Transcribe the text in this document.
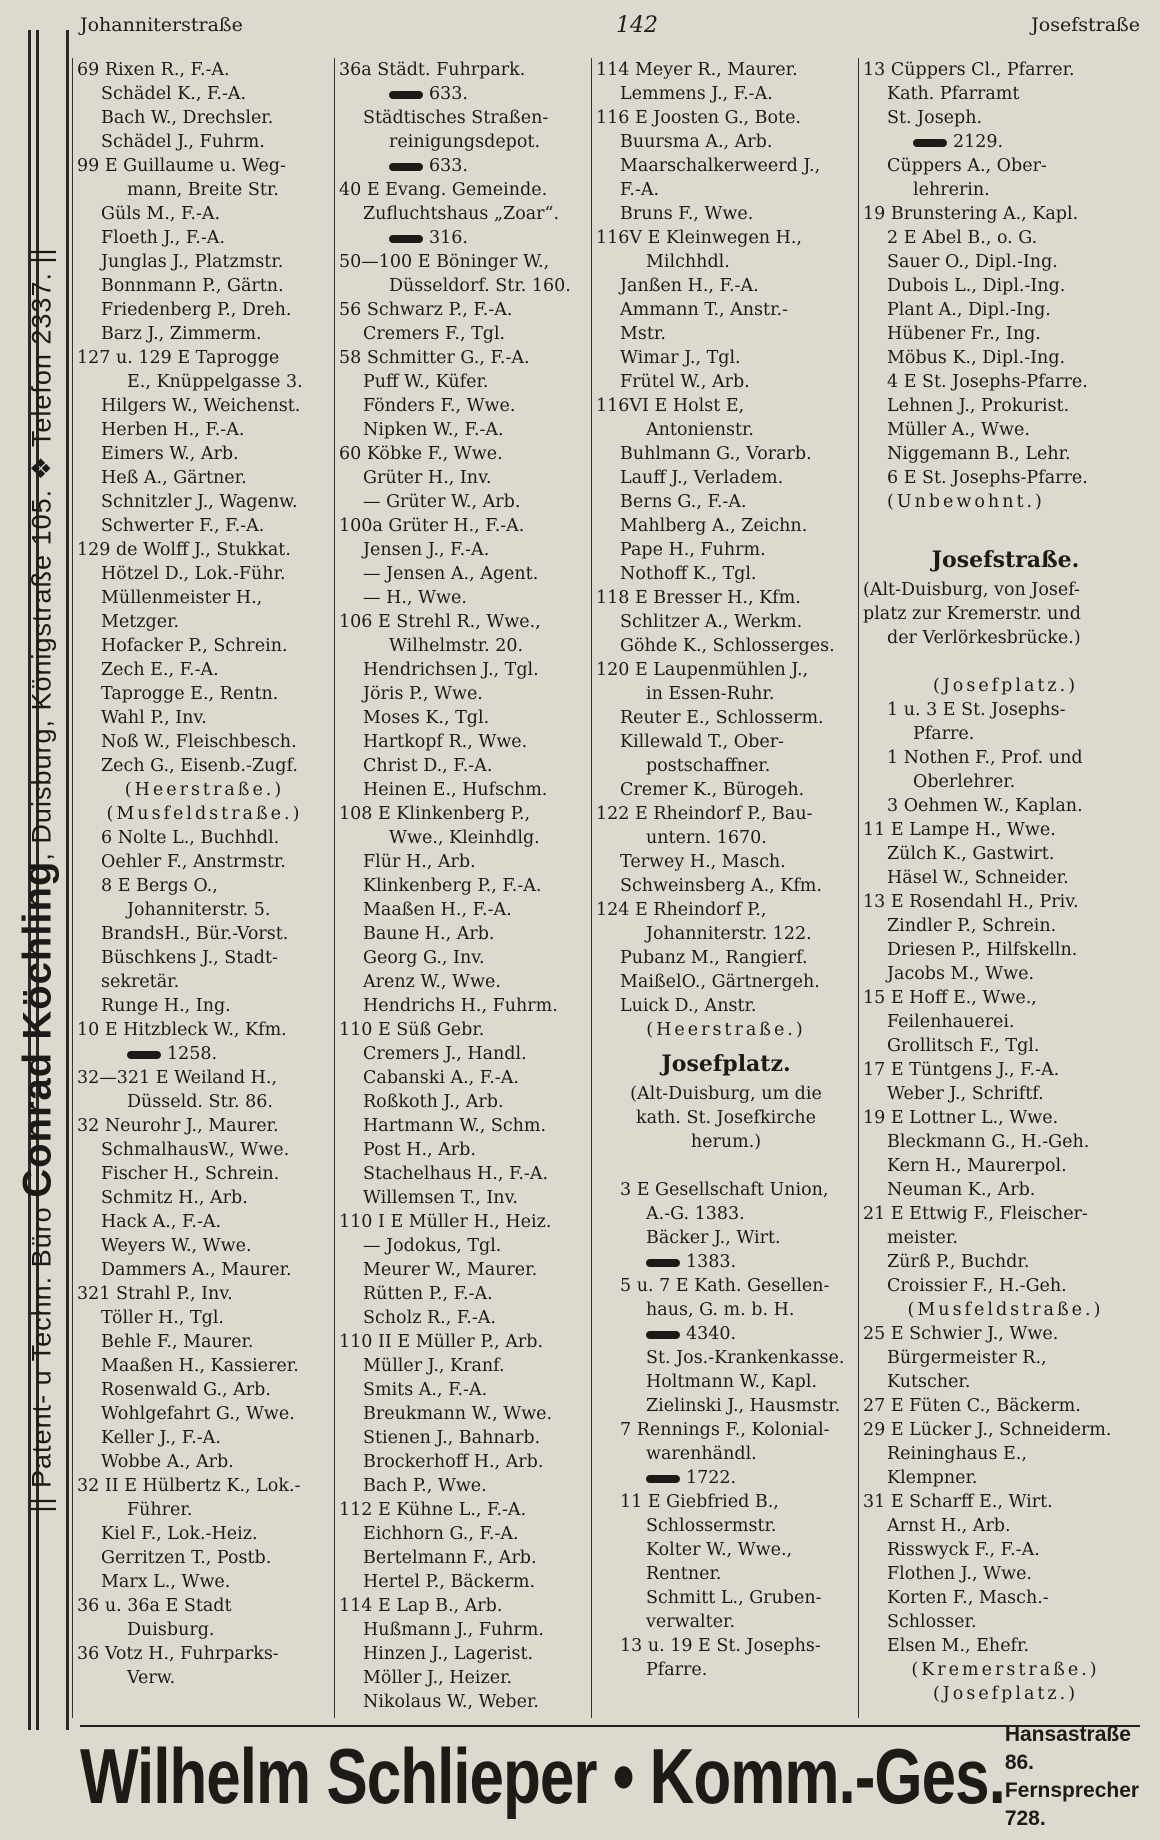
Johanniterstraße	142	Josefstraße
|| Patent- u Techn. Büro Conrad Köchling, Duisburg, Königstraße 105. ❖ Telefon 2337. ||
69 Rixen R., F.-A.
Schädel K., F.-A.
Bach W., Drechsler.
Schädel J., Fuhrm.
99 E Guillaume u. Weg-
mann, Breite Str.
Güls M., F.-A.
Floeth J., F.-A.
Junglas J., Platzmstr.
Bonnmann P., Gärtn.
Friedenberg P., Dreh.
Barz J., Zimmerm.
127 u. 129 E Taprogge
E., Knüppelgasse 3.
Hilgers W., Weichenst.
Herben H., F.-A.
Eimers W., Arb.
Heß A., Gärtner.
Schnitzler J., Wagenw.
Schwerter F., F.-A.
129 de Wolff J., Stukkat.
Hötzel D., Lok.-Führ.
Müllenmeister H.,
Metzger.
Hofacker P., Schrein.
Zech E., F.-A.
Taprogge E., Rentn.
Wahl P., Inv.
Noß W., Fleischbesch.
Zech G., Eisenb.-Zugf.
(Heerstraße.)
(Musfeldstraße.)
6 Nolte L., Buchhdl.
Oehler F., Anstrmstr.
8 E Bergs O.,
Johanniterstr. 5.
BrandsH., Bür.-Vorst.
Büschkens J., Stadt-
sekretär.
Runge H., Ing.
10 E Hitzbleck W., Kfm.
1258.
32—321 E Weiland H.,
Düsseld. Str. 86.
32 Neurohr J., Maurer.
SchmalhausW., Wwe.
Fischer H., Schrein.
Schmitz H., Arb.
Hack A., F.-A.
Weyers W., Wwe.
Dammers A., Maurer.
321 Strahl P., Inv.
Töller H., Tgl.
Behle F., Maurer.
Maaßen H., Kassierer.
Rosenwald G., Arb.
Wohlgefahrt G., Wwe.
Keller J., F.-A.
Wobbe A., Arb.
32 II E Hülbertz K., Lok.-
Führer.
Kiel F., Lok.-Heiz.
Gerritzen T., Postb.
Marx L., Wwe.
36 u. 36a E Stadt
Duisburg.
36 Votz H., Fuhrparks-
Verw.
36a Städt. Fuhrpark.
633.
Städtisches Straßen-
reinigungsdepot.
633.
40 E Evang. Gemeinde.
Zufluchtshaus „Zoar“.
316.
50—100 E Böninger W.,
Düsseldorf. Str. 160.
56 Schwarz P., F.-A.
Cremers F., Tgl.
58 Schmitter G., F.-A.
Puff W., Küfer.
Fönders F., Wwe.
Nipken W., F.-A.
60 Köbke F., Wwe.
Grüter H., Inv.
— Grüter W., Arb.
100a Grüter H., F.-A.
Jensen J., F.-A.
— Jensen A., Agent.
— H., Wwe.
106 E Strehl R., Wwe.,
Wilhelmstr. 20.
Hendrichsen J., Tgl.
Jöris P., Wwe.
Moses K., Tgl.
Hartkopf R., Wwe.
Christ D., F.-A.
Heinen E., Hufschm.
108 E Klinkenberg P.,
Wwe., Kleinhdlg.
Flür H., Arb.
Klinkenberg P., F.-A.
Maaßen H., F.-A.
Baune H., Arb.
Georg G., Inv.
Arenz W., Wwe.
Hendrichs H., Fuhrm.
110 E Süß Gebr.
Cremers J., Handl.
Cabanski A., F.-A.
Roßkoth J., Arb.
Hartmann W., Schm.
Post H., Arb.
Stachelhaus H., F.-A.
Willemsen T., Inv.
110 I E Müller H., Heiz.
— Jodokus, Tgl.
Meurer W., Maurer.
Rütten P., F.-A.
Scholz R., F.-A.
110 II E Müller P., Arb.
Müller J., Kranf.
Smits A., F.-A.
Breukmann W., Wwe.
Stienen J., Bahnarb.
Brockerhoff H., Arb.
Bach P., Wwe.
112 E Kühne L., F.-A.
Eichhorn G., F.-A.
Bertelmann F., Arb.
Hertel P., Bäckerm.
114 E Lap B., Arb.
Hußmann J., Fuhrm.
Hinzen J., Lagerist.
Möller J., Heizer.
Nikolaus W., Weber.
114 Meyer R., Maurer.
Lemmens J., F.-A.
116 E Joosten G., Bote.
Buursma A., Arb.
Maarschalkerweerd J.,
F.-A.
Bruns F., Wwe.
116V E Kleinwegen H.,
Milchhdl.
Janßen H., F.-A.
Ammann T., Anstr.-
Mstr.
Wimar J., Tgl.
Frütel W., Arb.
116VI E Holst E,
Antonienstr.
Buhlmann G., Vorarb.
Lauff J., Verladem.
Berns G., F.-A.
Mahlberg A., Zeichn.
Pape H., Fuhrm.
Nothoff K., Tgl.
118 E Bresser H., Kfm.
Schlitzer A., Werkm.
Göhde K., Schlosserges.
120 E Laupenmühlen J.,
in Essen-Ruhr.
Reuter E., Schlosserm.
Killewald T., Ober-
postschaffner.
Cremer K., Bürogeh.
122 E Rheindorf P., Bau-
untern. 1670.
Terwey H., Masch.
Schweinsberg A., Kfm.
124 E Rheindorf P.,
Johanniterstr. 122.
Pubanz M., Rangierf.
MaißelO., Gärtnergeh.
Luick D., Anstr.
(Heerstraße.)
Josefplatz.
(Alt-Duisburg, um die
kath. St. Josefkirche
herum.)
3 E Gesellschaft Union,
A.-G. 1383.
Bäcker J., Wirt.
1383.
5 u. 7 E Kath. Gesellen-
haus, G. m. b. H.
4340.
St. Jos.-Krankenkasse.
Holtmann W., Kapl.
Zielinski J., Hausmstr.
7 Rennings F., Kolonial-
warenhändl.
1722.
11 E Giebfried B.,
Schlossermstr.
Kolter W., Wwe.,
Rentner.
Schmitt L., Gruben-
verwalter.
13 u. 19 E St. Josephs-
Pfarre.
13 Cüppers Cl., Pfarrer.
Kath. Pfarramt
St. Joseph.
2129.
Cüppers A., Ober-
lehrerin.
19 Brunstering A., Kapl.
2 E Abel B., o. G.
Sauer O., Dipl.-Ing.
Dubois L., Dipl.-Ing.
Plant A., Dipl.-Ing.
Hübener Fr., Ing.
Möbus K., Dipl.-Ing.
4 E St. Josephs-Pfarre.
Lehnen J., Prokurist.
Müller A., Wwe.
Niggemann B., Lehr.
6 E St. Josephs-Pfarre.
(Unbewohnt.)
Josefstraße.
(Alt-Duisburg, von Josef-
platz zur Kremerstr. und
der Verlörkesbrücke.)
(Josefplatz.)
1 u. 3 E St. Josephs-
Pfarre.
1 Nothen F., Prof. und
Oberlehrer.
3 Oehmen W., Kaplan.
11 E Lampe H., Wwe.
Zülch K., Gastwirt.
Häsel W., Schneider.
13 E Rosendahl H., Priv.
Zindler P., Schrein.
Driesen P., Hilfskelln.
Jacobs M., Wwe.
15 E Hoff E., Wwe.,
Feilenhauerei.
Grollitsch F., Tgl.
17 E Tüntgens J., F.-A.
Weber J., Schriftf.
19 E Lottner L., Wwe.
Bleckmann G., H.-Geh.
Kern H., Maurerpol.
Neuman K., Arb.
21 E Ettwig F., Fleischer-
meister.
Zürß P., Buchdr.
Croissier F., H.-Geh.
(Musfeldstraße.)
25 E Schwier J., Wwe.
Bürgermeister R.,
Kutscher.
27 E Füten C., Bäckerm.
29 E Lücker J., Schneiderm.
Reininghaus E.,
Klempner.
31 E Scharff E., Wirt.
Arnst H., Arb.
Risswyck F., F.-A.
Flothen J., Wwe.
Korten F., Masch.-
Schlosser.
Elsen M., Ehefr.
(Kremerstraße.)
(Josefplatz.)
Wilhelm Schlieper • Komm.-Ges. Hansastraße 86.
Fernsprecher 728.
